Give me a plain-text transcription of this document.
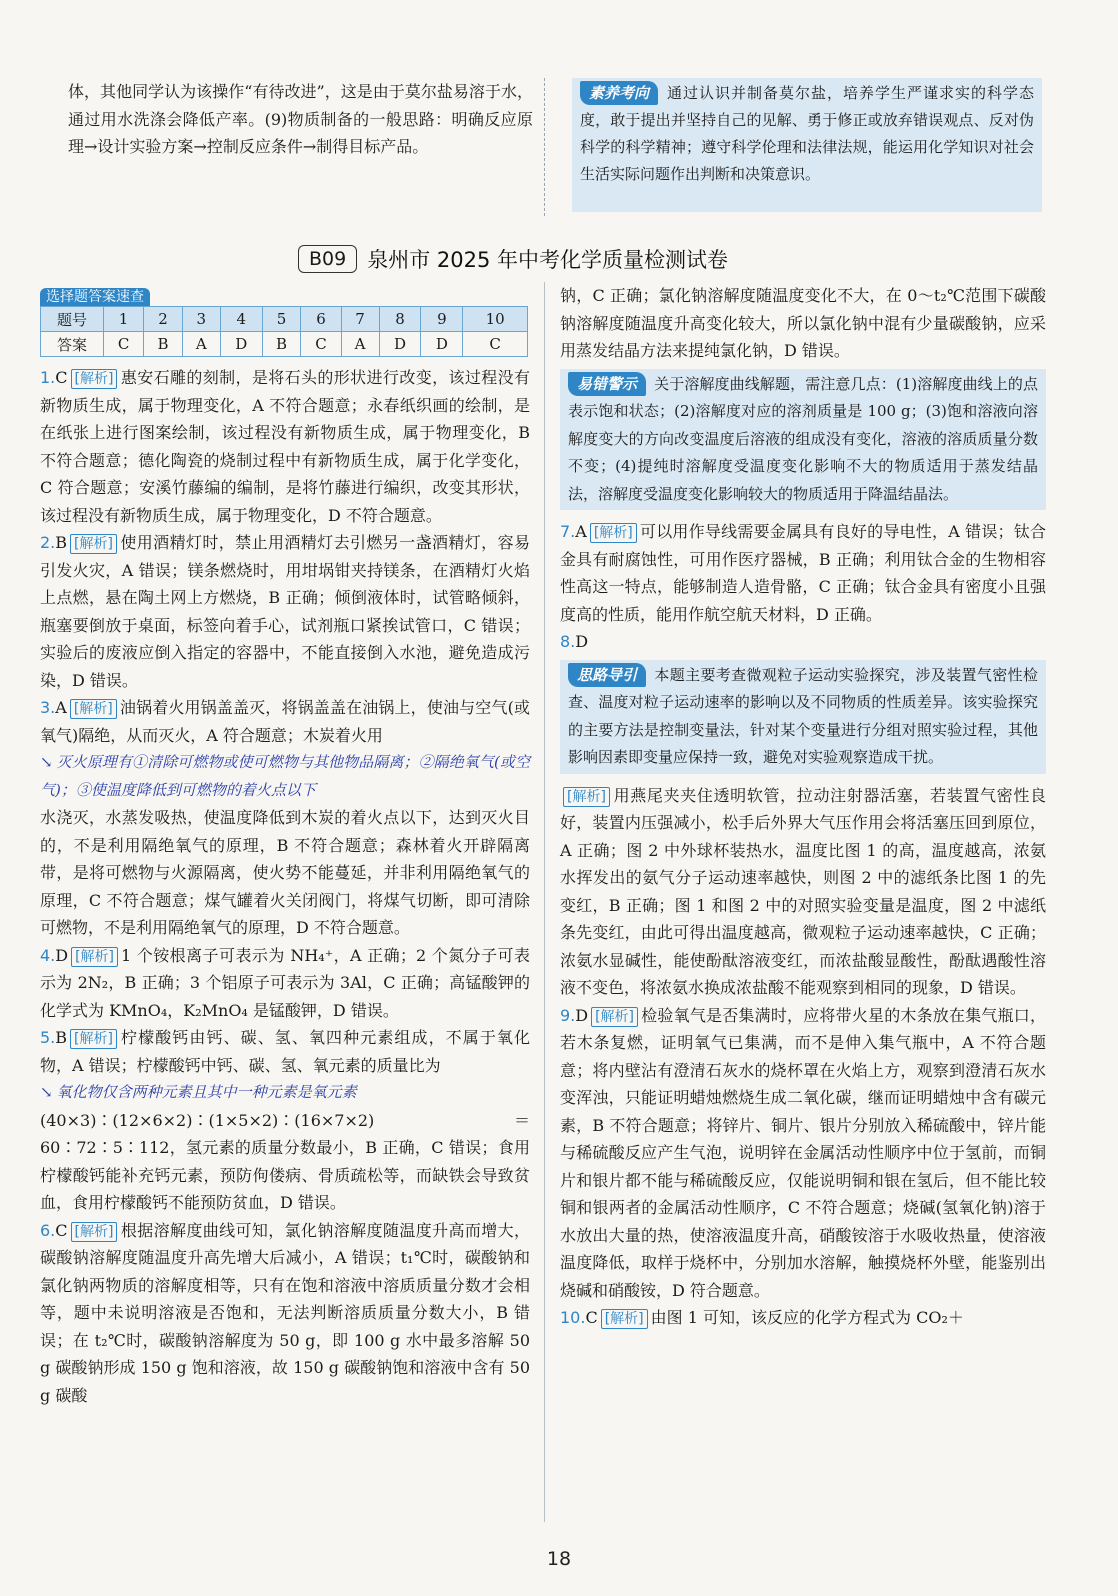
体，其他同学认为该操作“有待改进”，这是由于莫尔盐易溶于水，通过用水洗涤会降低产率。(9)物质制备的一般思路：明确反应原理→设计实验方案→控制反应条件→制得目标产品。

素养考向 通过认识并制备莫尔盐，培养学生严谨求实的科学态度，敢于提出并坚持自己的见解、勇于修正或放弃错误观点、反对伪科学的科学精神；遵守科学伦理和法律法规，能运用化学知识对社会生活实际问题作出判断和决策意识。
B09	泉州市 2025 年中考化学质量检测试卷
选择题答案速查
题号	1	2	3	4	5	6	7	8	9	10
答案	C	B	A	D	B	C	A	D	D	C

1.C [解析] 惠安石雕的刻制，是将石头的形状进行改变，该过程没有新物质生成，属于物理变化，A 不符合题意；永春纸织画的绘制，是在纸张上进行图案绘制，该过程没有新物质生成，属于物理变化，B 不符合题意；德化陶瓷的烧制过程中有新物质生成，属于化学变化，C 符合题意；安溪竹藤编的编制，是将竹藤进行编织，改变其形状，该过程没有新物质生成，属于物理变化，D 不符合题意。

2.B [解析] 使用酒精灯时，禁止用酒精灯去引燃另一盏酒精灯，容易引发火灾，A 错误；镁条燃烧时，用坩埚钳夹持镁条，在酒精灯火焰上点燃，悬在陶土网上方燃烧，B 正确；倾倒液体时，试管略倾斜，瓶塞要倒放于桌面，标签向着手心，试剂瓶口紧挨试管口，C 错误；实验后的废液应倒入指定的容器中，不能直接倒入水池，避免造成污染，D 错误。

3.A [解析] 油锅着火用锅盖盖灭，将锅盖盖在油锅上，使油与空气(或氧气)隔绝，从而灭火，A 符合题意；木炭着火用

↘ 灭火原理有①清除可燃物或使可燃物与其他物品隔离；②隔绝氧气(或空气)；③使温度降低到可燃物的着火点以下

水浇灭，水蒸发吸热，使温度降低到木炭的着火点以下，达到灭火目的，不是利用隔绝氧气的原理，B 不符合题意；森林着火开辟隔离带，是将可燃物与火源隔离，使火势不能蔓延，并非利用隔绝氧气的原理，C 不符合题意；煤气罐着火关闭阀门，将煤气切断，即可清除可燃物，不是利用隔绝氧气的原理，D 不符合题意。

4.D [解析] 1 个铵根离子可表示为 NH₄⁺，A 正确；2 个氮分子可表示为 2N₂，B 正确；3 个铝原子可表示为 3Al，C 正确；高锰酸钾的化学式为 KMnO₄，K₂MnO₄ 是锰酸钾，D 错误。

5.B [解析] 柠檬酸钙由钙、碳、氢、氧四种元素组成，不属于氧化物，A 错误；柠檬酸钙中钙、碳、氢、氧元素的质量比为

↘ 氧化物仅含两种元素且其中一种元素是氧元素

(40×3)∶(12×6×2)∶(1×5×2)∶(16×7×2)＝60∶72∶5∶112，氢元素的质量分数最小，B 正确，C 错误；食用柠檬酸钙能补充钙元素，预防佝偻病、骨质疏松等，而缺铁会导致贫血，食用柠檬酸钙不能预防贫血，D 错误。

6.C [解析] 根据溶解度曲线可知，氯化钠溶解度随温度升高而增大，碳酸钠溶解度随温度升高先增大后减小，A 错误；t₁℃时，碳酸钠和氯化钠两物质的溶解度相等，只有在饱和溶液中溶质质量分数才会相等，题中未说明溶液是否饱和，无法判断溶质质量分数大小，B 错误；在 t₂℃时，碳酸钠溶解度为 50 g，即 100 g 水中最多溶解 50 g 碳酸钠形成 150 g 饱和溶液，故 150 g 碳酸钠饱和溶液中含有 50 g 碳酸

钠，C 正确；氯化钠溶解度随温度变化不大，在 0～t₂℃范围下碳酸钠溶解度随温度升高变化较大，所以氯化钠中混有少量碳酸钠，应采用蒸发结晶方法来提纯氯化钠，D 错误。

易错警示 关于溶解度曲线解题，需注意几点：(1)溶解度曲线上的点表示饱和状态；(2)溶解度对应的溶剂质量是 100 g；(3)饱和溶液向溶解度变大的方向改变温度后溶液的组成没有变化，溶液的溶质质量分数不变；(4)提纯时溶解度受温度变化影响不大的物质适用于蒸发结晶法，溶解度受温度变化影响较大的物质适用于降温结晶法。

7.A [解析] 可以用作导线需要金属具有良好的导电性，A 错误；钛合金具有耐腐蚀性，可用作医疗器械，B 正确；利用钛合金的生物相容性高这一特点，能够制造人造骨骼，C 正确；钛合金具有密度小且强度高的性质，能用作航空航天材料，D 正确。

8.D

思路导引 本题主要考查微观粒子运动实验探究，涉及装置气密性检查、温度对粒子运动速率的影响以及不同物质的性质差异。该实验探究的主要方法是控制变量法，针对某个变量进行分组对照实验过程，其他影响因素即变量应保持一致，避免对实验观察造成干扰。

[解析] 用燕尾夹夹住透明软管，拉动注射器活塞，若装置气密性良好，装置内压强减小，松手后外界大气压作用会将活塞压回到原位，A 正确；图 2 中外球杯装热水，温度比图 1 的高，温度越高，浓氨水挥发出的氨气分子运动速率越快，则图 2 中的滤纸条比图 1 的先变红，B 正确；图 1 和图 2 中的对照实验变量是温度，图 2 中滤纸条先变红，由此可得出温度越高，微观粒子运动速率越快，C 正确；浓氨水显碱性，能使酚酞溶液变红，而浓盐酸显酸性，酚酞遇酸性溶液不变色，将浓氨水换成浓盐酸不能观察到相同的现象，D 错误。

9.D [解析] 检验氧气是否集满时，应将带火星的木条放在集气瓶口，若木条复燃，证明氧气已集满，而不是伸入集气瓶中，A 不符合题意；将内壁沾有澄清石灰水的烧杯罩在火焰上方，观察到澄清石灰水变浑浊，只能证明蜡烛燃烧生成二氧化碳，继而证明蜡烛中含有碳元素，B 不符合题意；将锌片、铜片、银片分别放入稀硫酸中，锌片能与稀硫酸反应产生气泡，说明锌在金属活动性顺序中位于氢前，而铜片和银片都不能与稀硫酸反应，仅能说明铜和银在氢后，但不能比较铜和银两者的金属活动性顺序，C 不符合题意；烧碱(氢氧化钠)溶于水放出大量的热，使溶液温度升高，硝酸铵溶于水吸收热量，使溶液温度降低，取样于烧杯中，分别加水溶解，触摸烧杯外壁，能鉴别出烧碱和硝酸铵，D 符合题意。

10.C [解析] 由图 1 可知，该反应的化学方程式为 CO₂＋

18
